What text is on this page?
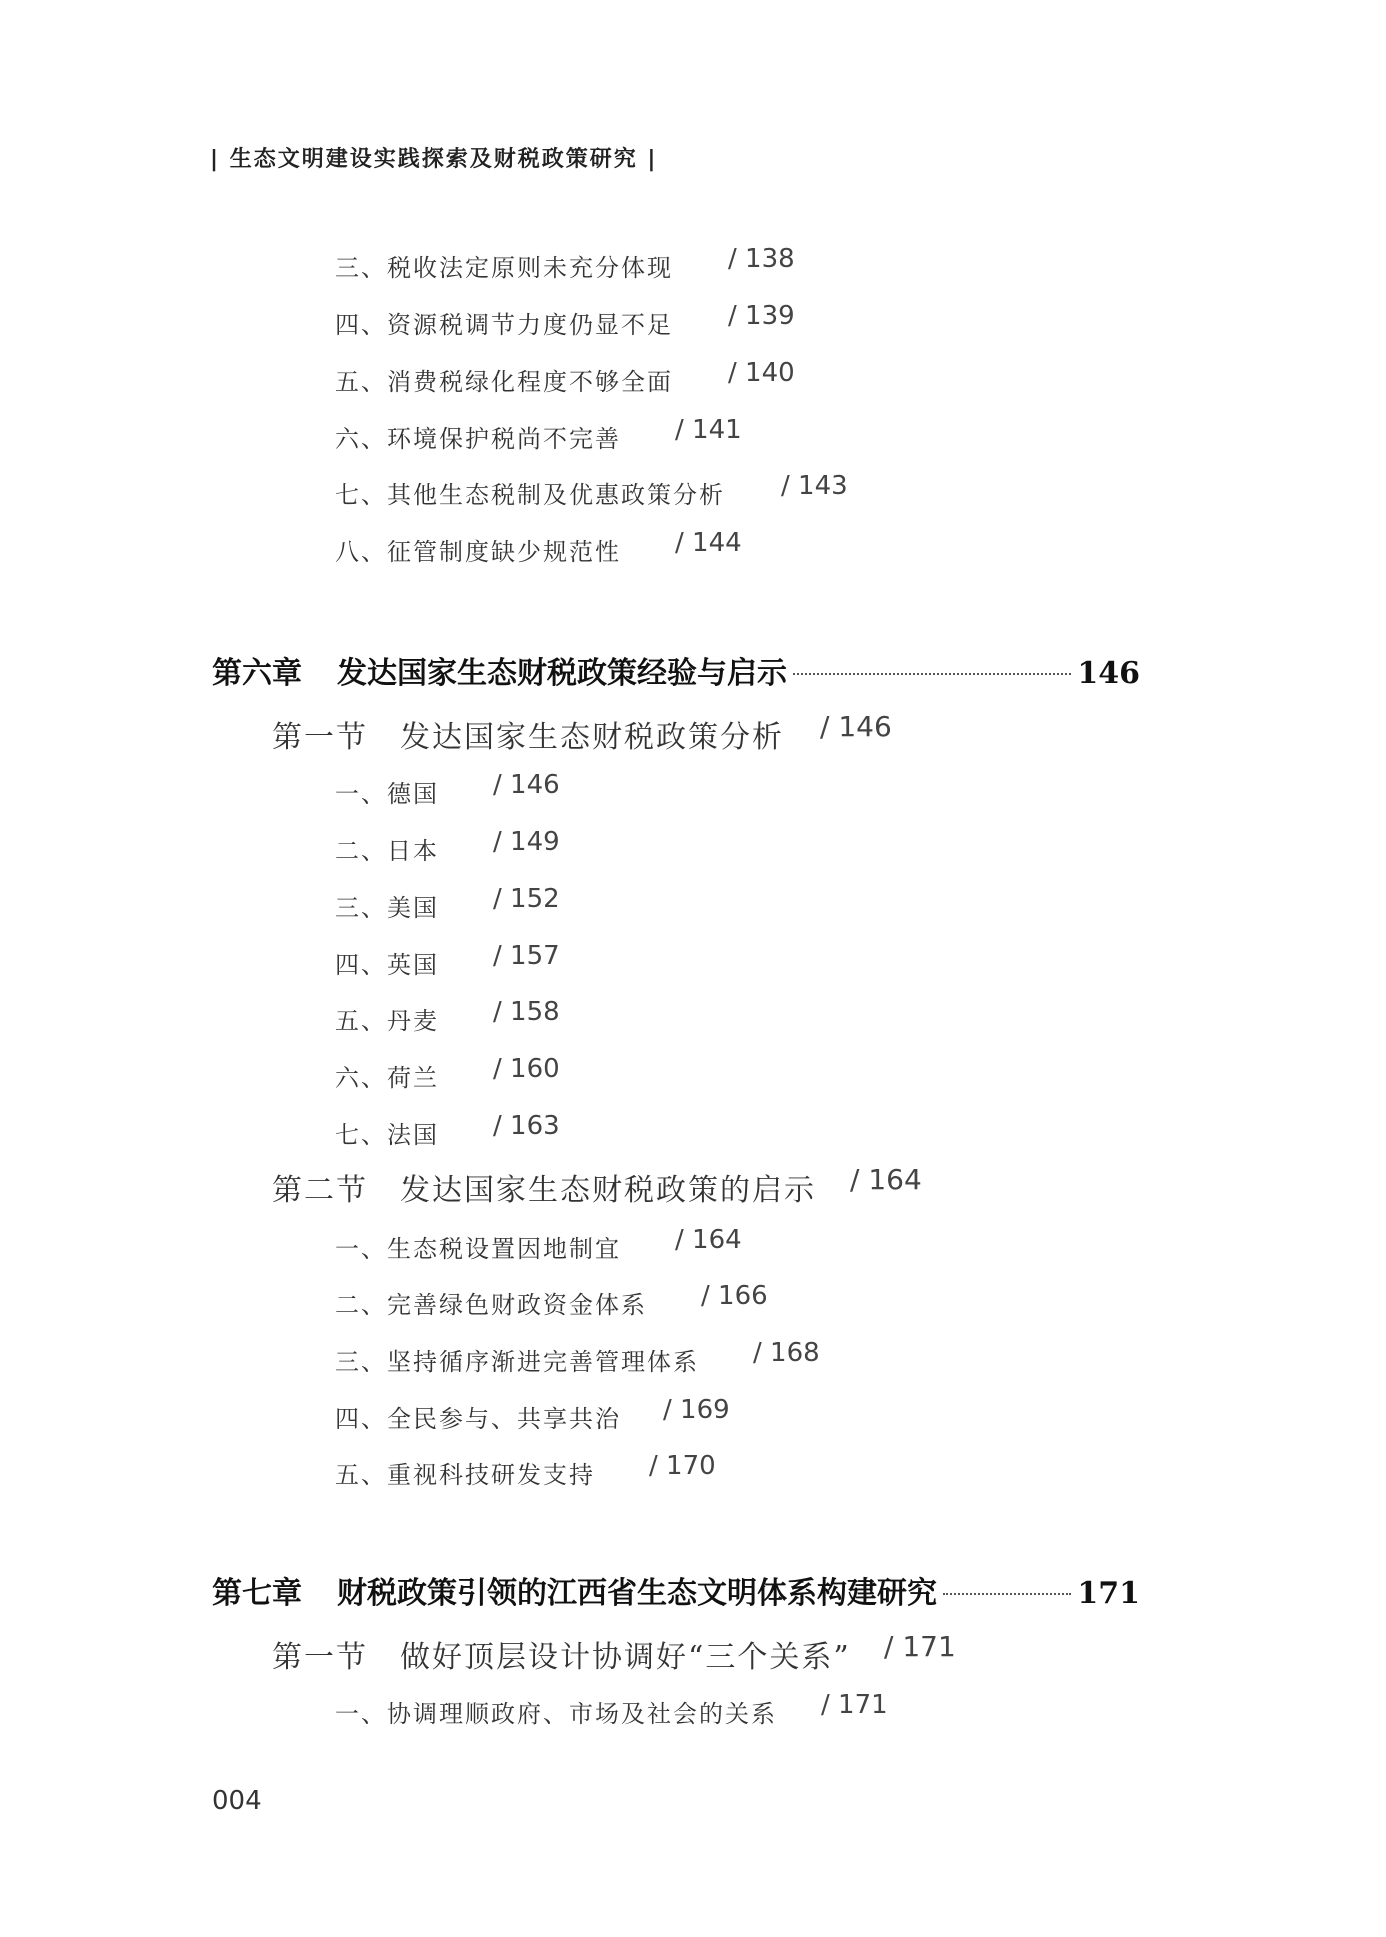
| 生态文明建设实践探索及财税政策研究 |
三、税收法定原则未充分体现 / 138
四、资源税调节力度仍显不足 / 139
五、消费税绿化程度不够全面 / 140
六、环境保护税尚不完善 / 141
七、其他生态税制及优惠政策分析 / 143
八、征管制度缺少规范性 / 144
第六章	发达国家生态财税政策经验与启示	146
第一节　发达国家生态财税政策分析 / 146
一、德国 / 146
二、日本 / 149
三、美国 / 152
四、英国 / 157
五、丹麦 / 158
六、荷兰 / 160
七、法国 / 163
第二节　发达国家生态财税政策的启示 / 164
一、生态税设置因地制宜 / 164
二、完善绿色财政资金体系 / 166
三、坚持循序渐进完善管理体系 / 168
四、全民参与、共享共治 / 169
五、重视科技研发支持 / 170
第七章	财税政策引领的江西省生态文明体系构建研究	171
第一节　做好顶层设计协调好“三个关系” / 171
一、协调理顺政府、市场及社会的关系 / 171
004
